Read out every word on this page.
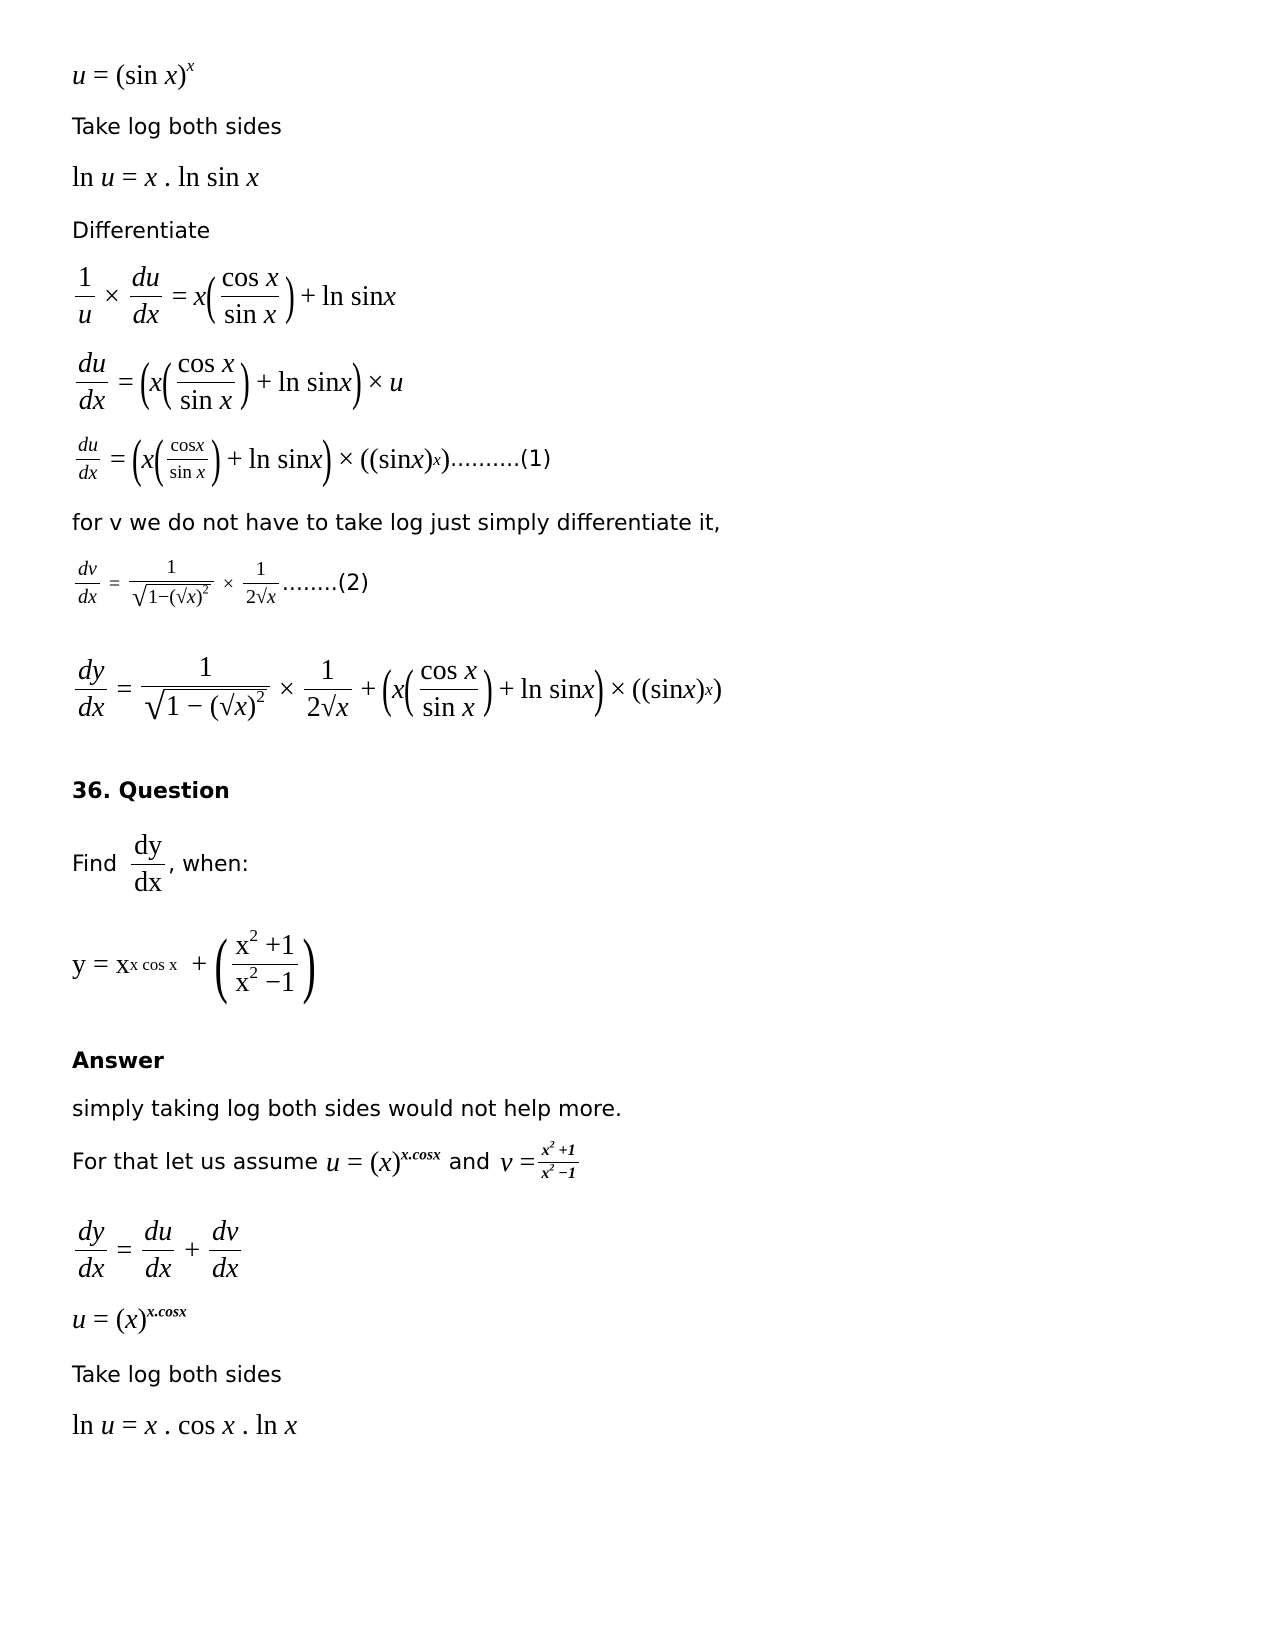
u = (sin x)$^x$
Take log both sides
ln u = x . ln sin x
Differentiate
$\frac{1}{u} \times \frac{du}{dx} = x$ ( $\frac{\text{cos x}}{\text{sin x}}$ ) + ln sin x
$\frac{du}{dx}$ = ( x ( $\frac{\text{cos x}}{\text{sin x}}$ ) + ln sin x ) × u
$\frac{du}{dx}$ = ( x ( $\frac{\cos x}{\text{sin x}}$ ) + ln sin x ) × ((sin x ) x ) ..........(1)
for v we do not have to take log just simply differentiate it,
$\frac{dv}{dx} = \frac{1}{√ 1-(√x)^2} \times \frac{1}{2√x} ........(2)$
$\frac{dy}{dx} = \frac{1}{√ 1 - (√x)^2} \times \frac{1}{2√x}$ + ( x ( $\frac{\text{cos x}}{\text{sin x}}$ ) + ln sin x ) × ((sin x ) x )
36. Question
Find $\frac{dy}{dx}$ , when:
y = x x cos x + ( $\frac{x^2 +1}{x^2 -1}$ )
Answer
simply taking log both sides would not help more.
For that let us assume $u = (x)^{x.cosx}$ and $v = \frac{x^2 +1}{x^2 -1}$
$\frac{dy}{dx} = \frac{du}{dx} + \frac{dv}{dx}$
$u = (x)^{x.cosx}$
Take log both sides
ln u = x . cos x . ln x
